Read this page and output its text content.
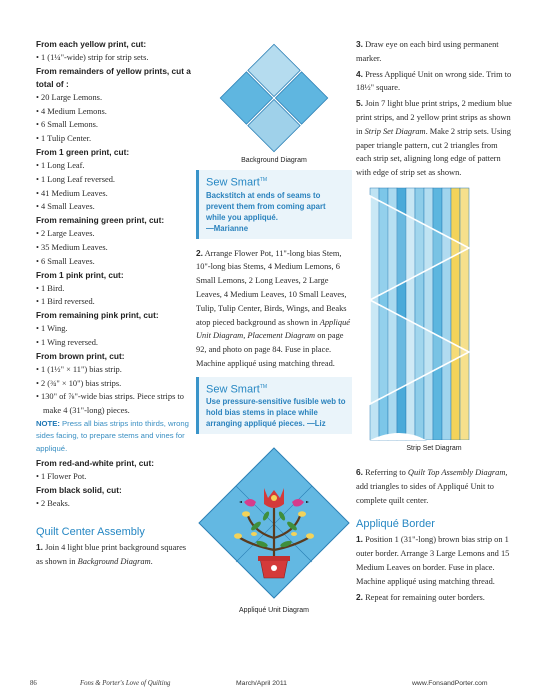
From each yellow print, cut:

• 1 (1¼"-wide) strip for strip sets.

From remainders of yellow prints, cut a total of :

• 20 Large Lemons.

• 4 Medium Lemons.

• 6 Small Lemons.

• 1 Tulip Center.

From 1 green print, cut:

• 1 Long Leaf.

• 1 Long Leaf reversed.

• 41 Medium Leaves.

• 4 Small Leaves.

From remaining green print, cut:

• 2 Large Leaves.

• 35 Medium Leaves.

• 6 Small Leaves.

From 1 pink print, cut:

• 1 Bird.

• 1 Bird reversed.

From remaining pink print, cut:

• 1 Wing.

• 1 Wing reversed.

From brown print, cut:

• 1 (1½" × 11") bias strip.

• 2 (¾" × 10") bias strips.

• 130" of ⅞"-wide bias strips. Piece strips to make 4 (31"-long) pieces.

NOTE: Press all bias strips into thirds, wrong sides facing, to prepare stems and vines for appliqué.

From red-and-white print, cut:

• 1 Flower Pot.

From black solid, cut:

• 2 Beaks.

Quilt Center Assembly

1. Join 4 light blue print background squares as shown in Background Diagram.

Background Diagram
Sew Smart™
Backstitch at ends of seams to prevent them from coming apart while you appliqué.
—Marianne

2. Arrange Flower Pot, 11"-long bias Stem, 10"-long bias Stems, 4 Medium Lemons, 6 Small Lemons, 2 Long Leaves, 2 Large Leaves, 4 Medium Leaves, 10 Small Leaves, Tulip, Tulip Center, Birds, Wings, and Beaks atop pieced background as shown in Appliqué Unit Diagram, Placement Diagram on page 92, and photo on page 84. Fuse in place. Machine appliqué using matching thread.

Sew Smart™
Use pressure-sensitive fusible web to hold bias stems in place while arranging appliqué pieces. —Liz
Appliqué Unit Diagram

3. Draw eye on each bird using permanent marker.

4. Press Appliqué Unit on wrong side. Trim to 18½" square.

5. Join 7 light blue print strips, 2 medium blue print strips, and 2 yellow print strips as shown in Strip Set Diagram. Make 2 strip sets. Using paper triangle pattern, cut 2 triangles from each strip set, aligning long edge of pattern with edge of strip set as shown.

Strip Set Diagram

6. Referring to Quilt Top Assembly Diagram, add triangles to sides of Appliqué Unit to complete quilt center.

Appliqué Border

1. Position 1 (31"-long) brown bias strip on 1 outer border. Arrange 3 Large Lemons and 15 Medium Leaves on border. Fuse in place. Machine appliqué using matching thread.

2. Repeat for remaining outer borders.

86	Fons & Porter's Love of Quilting	March/April 2011	www.FonsandPorter.com
